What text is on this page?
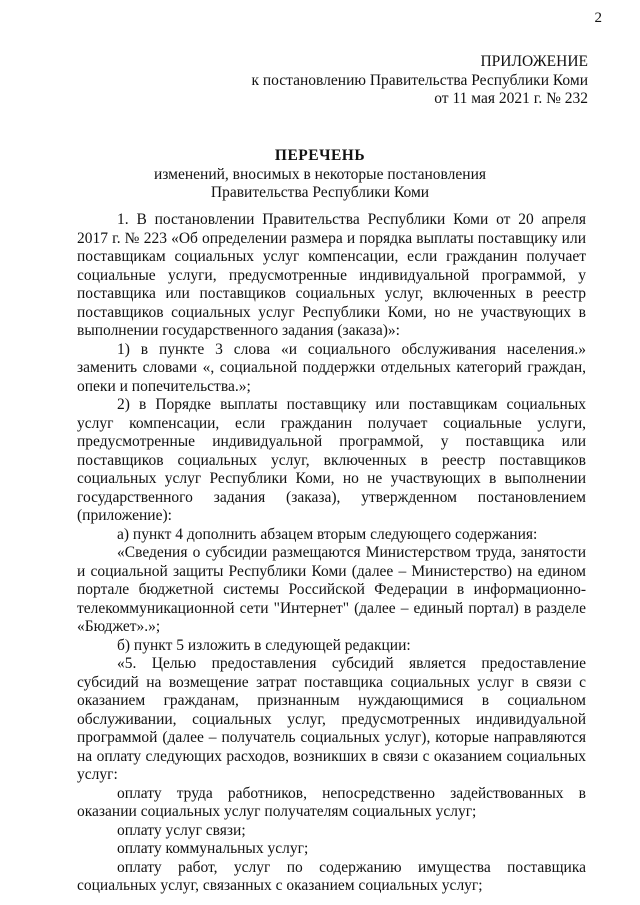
2
ПРИЛОЖЕНИЕ
к постановлению Правительства Республики Коми
от 11 мая 2021 г. № 232
ПЕРЕЧЕНЬ
изменений, вносимых в некоторые постановления
Правительства Республики Коми

1. В постановлении Правительства Республики Коми от 20 апреля 2017 г. № 223 «Об определении размера и порядка выплаты поставщику или поставщикам социальных услуг компенсации, если гражданин получает социальные услуги, предусмотренные индивидуальной программой, у поставщика или поставщиков социальных услуг, включенных в реестр поставщиков социальных услуг Республики Коми, но не участвующих в выполнении государственного задания (заказа)»:

1) в пункте 3 слова «и социального обслуживания населения.» заменить словами «, социальной поддержки отдельных категорий граждан, опеки и попечительства.»;

2) в Порядке выплаты поставщику или поставщикам социальных услуг компенсации, если гражданин получает социальные услуги, предусмотренные индивидуальной программой, у поставщика или поставщиков социальных услуг, включенных в реестр поставщиков социальных услуг Республики Коми, но не участвующих в выполнении государственного задания (заказа), утвержденном постановлением (приложение):

а) пункт 4 дополнить абзацем вторым следующего содержания:

«Сведения о субсидии размещаются Министерством труда, занятости и социальной защиты Республики Коми (далее – Министерство) на едином портале бюджетной системы Российской Федерации в информационно-телекоммуникационной сети "Интернет" (далее – единый портал) в разделе «Бюджет».»;

б) пункт 5 изложить в следующей редакции:

«5. Целью предоставления субсидий является предоставление субсидий на возмещение затрат поставщика социальных услуг в связи с оказанием гражданам, признанным нуждающимися в социальном обслуживании, социальных услуг, предусмотренных индивидуальной программой (далее – получатель социальных услуг), которые направляются на оплату следующих расходов, возникших в связи с оказанием социальных услуг:

оплату труда работников, непосредственно задействованных в оказании социальных услуг получателям социальных услуг;

оплату услуг связи;

оплату коммунальных услуг;

оплату работ, услуг по содержанию имущества поставщика социальных услуг, связанных с оказанием социальных услуг;
